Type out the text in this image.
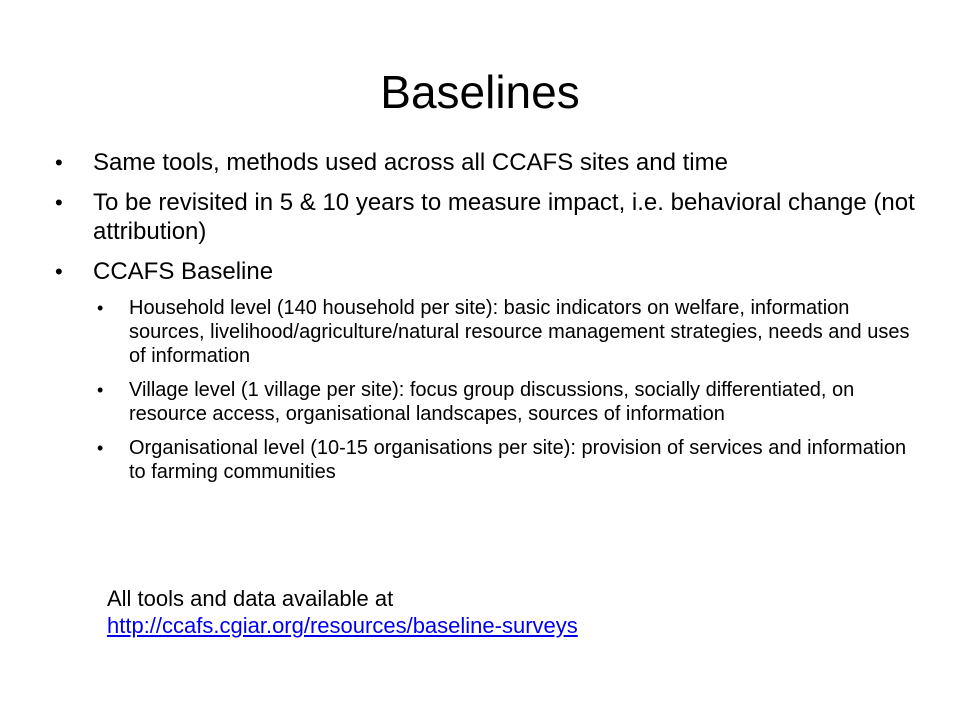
Baselines
• Same tools, methods used across all CCAFS sites and time
• To be revisited in 5 & 10 years to measure impact, i.e. behavioral change (not attribution)
• CCAFS Baseline
• Household level (140 household per site): basic indicators on welfare, information sources, livelihood/agriculture/natural resource management strategies, needs and uses of information
• Village level (1 village per site): focus group discussions, socially differentiated, on resource access, organisational landscapes, sources of information
• Organisational level (10-15 organisations per site): provision of services and information to farming communities
All tools and data available at
http://ccafs.cgiar.org/resources/baseline-surveys
